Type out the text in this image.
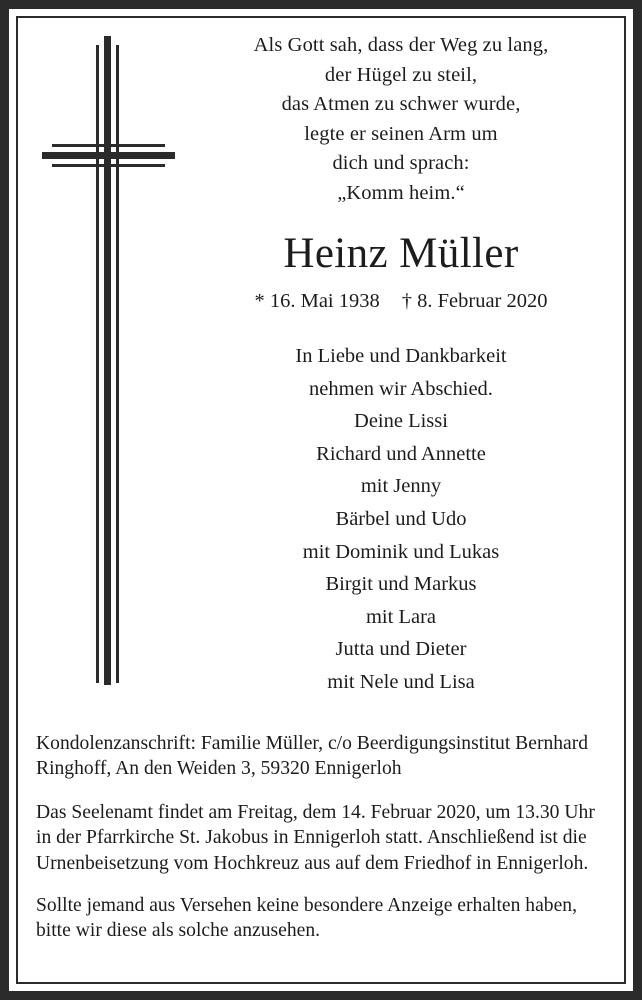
Als Gott sah, dass der Weg zu lang,
der Hügel zu steil,
das Atmen zu schwer wurde,
legte er seinen Arm um
dich und sprach:
„Komm heim.“
Heinz Müller
* 16. Mai 1938 † 8. Februar 2020
In Liebe und Dankbarkeit
nehmen wir Abschied.
Deine Lissi
Richard und Annette
mit Jenny
Bärbel und Udo
mit Dominik und Lukas
Birgit und Markus
mit Lara
Jutta und Dieter
mit Nele und Lisa

Kondolenzanschrift: Familie Müller, c/o Beerdigungsinstitut Bernhard Ringhoff, An den Weiden 3, 59320 Ennigerloh

Das Seelenamt findet am Freitag, dem 14. Februar 2020, um 13.30 Uhr in der Pfarrkirche St. Jakobus in Ennigerloh statt. Anschließend ist die Urnenbeisetzung vom Hochkreuz aus auf dem Friedhof in Ennigerloh.

Sollte jemand aus Versehen keine besondere Anzeige erhalten haben, bitte wir diese als solche anzusehen.
